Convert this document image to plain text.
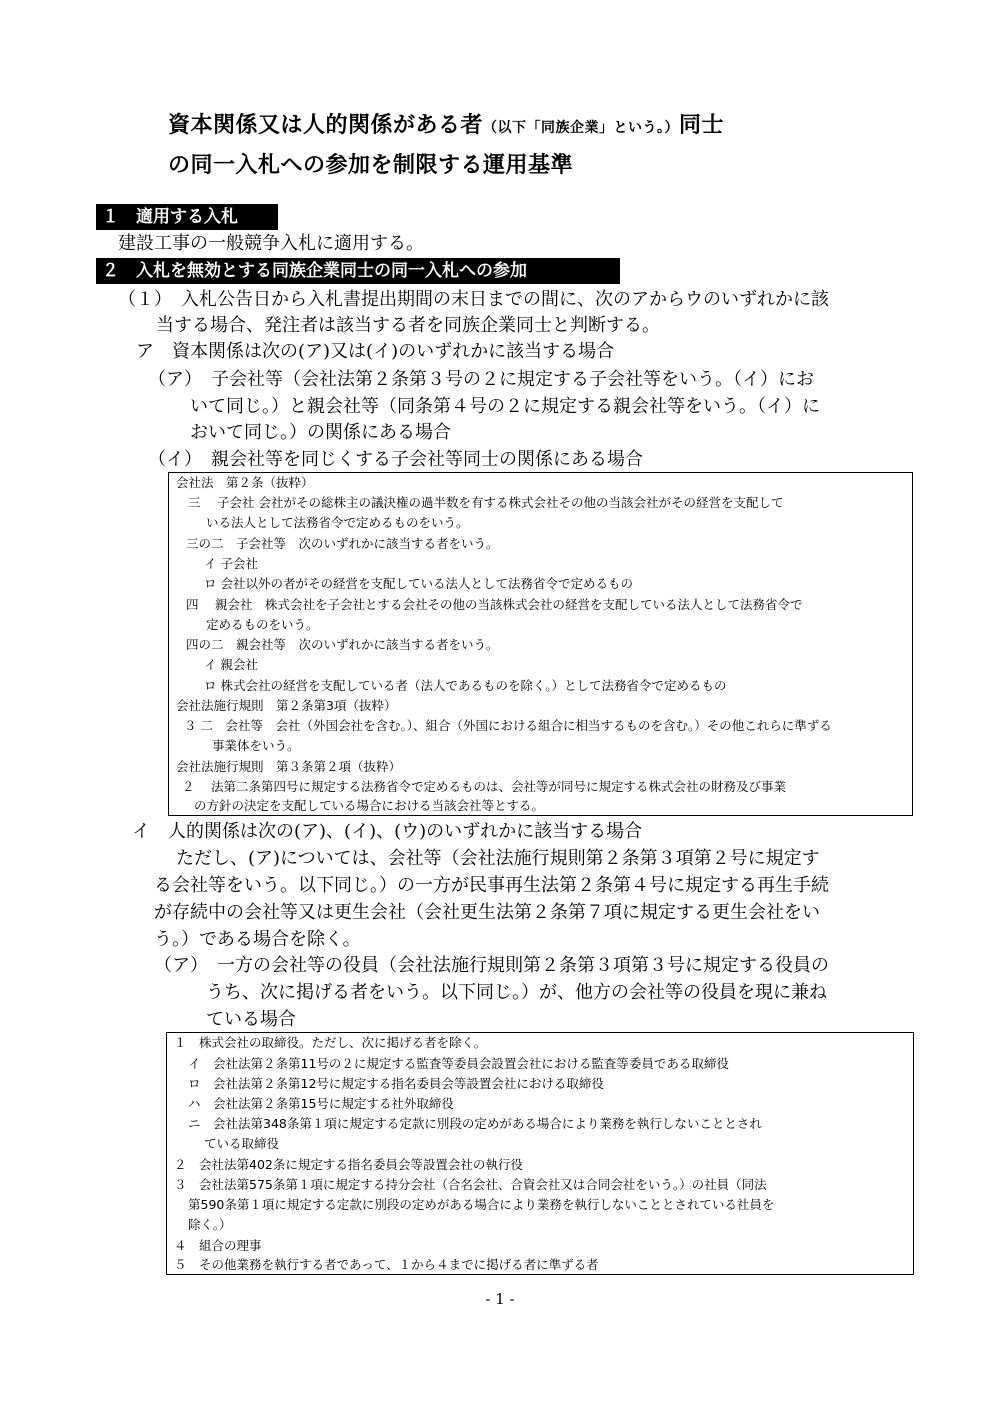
資本関係又は人的関係がある者（以下「同族企業」という。）同士
の同一入札への参加を制限する運用基準
１　適用する入札
建設工事の一般競争入札に適用する。
２　入札を無効とする同族企業同士の同一入札への参加
（１）　入札公告日から入札書提出期間の末日までの間に、次のアからウのいずれかに該
当する場合、発注者は該当する者を同族企業同士と判断する。
ア　資本関係は次の(ア)又は(イ)のいずれかに該当する場合
（ア）　子会社等（会社法第２条第３号の２に規定する子会社等をいう。（イ）にお
いて同じ。）と親会社等（同条第４号の２に規定する親会社等をいう。（イ）に
おいて同じ。）の関係にある場合
（イ）　親会社等を同じくする子会社等同士の関係にある場合
会社法　第２条（抜粋）
三　 子会社 会社がその総株主の議決権の過半数を有する株式会社その他の当該会社がその経営を支配して
いる法人として法務省令で定めるものをいう。
三の二　子会社等　次のいずれかに該当する者をいう。
イ 子会社
ロ 会社以外の者がその経営を支配している法人として法務省令で定めるもの
四　 親会社　株式会社を子会社とする会社その他の当該株式会社の経営を支配している法人として法務省令で
定めるものをいう。
四の二　親会社等　次のいずれかに該当する者をいう。
イ 親会社
ロ 株式会社の経営を支配している者（法人であるものを除く。）として法務省令で定めるもの
会社法施行規則　第２条第3項（抜粋）
３ 二　会社等　会社（外国会社を含む。）、組合（外国における組合に相当するものを含む。）その他これらに準ずる
事業体をいう。
会社法施行規則　第３条第２項（抜粋）
２　 法第二条第四号に規定する法務省令で定めるものは、会社等が同号に規定する株式会社の財務及び事業
の方針の決定を支配している場合における当該会社等とする。
イ　人的関係は次の(ア)、(イ)、(ウ)のいずれかに該当する場合
ただし、(ア)については、会社等（会社法施行規則第２条第３項第２号に規定す
る会社等をいう。以下同じ。）の一方が民事再生法第２条第４号に規定する再生手続
が存続中の会社等又は更生会社（会社更生法第２条第７項に規定する更生会社をい
う。）である場合を除く。
（ア）　一方の会社等の役員（会社法施行規則第２条第３項第３号に規定する役員の
うち、次に掲げる者をいう。以下同じ。）が、他方の会社等の役員を現に兼ね
ている場合
１　株式会社の取締役。ただし、次に掲げる者を除く。
イ　会社法第２条第11号の２に規定する監査等委員会設置会社における監査等委員である取締役
ロ　会社法第２条第12号に規定する指名委員会等設置会社における取締役
ハ　会社法第２条第15号に規定する社外取締役
ニ　会社法第348条第１項に規定する定款に別段の定めがある場合により業務を執行しないこととされ
ている取締役
２　会社法第402条に規定する指名委員会等設置会社の執行役
３　会社法第575条第１項に規定する持分会社（合名会社、合資会社又は合同会社をいう。）の社員（同法
第590条第１項に規定する定款に別段の定めがある場合により業務を執行しないこととされている社員を
除く。）
４　組合の理事
５　その他業務を執行する者であって、１から４までに掲げる者に準ずる者
- 1 -
